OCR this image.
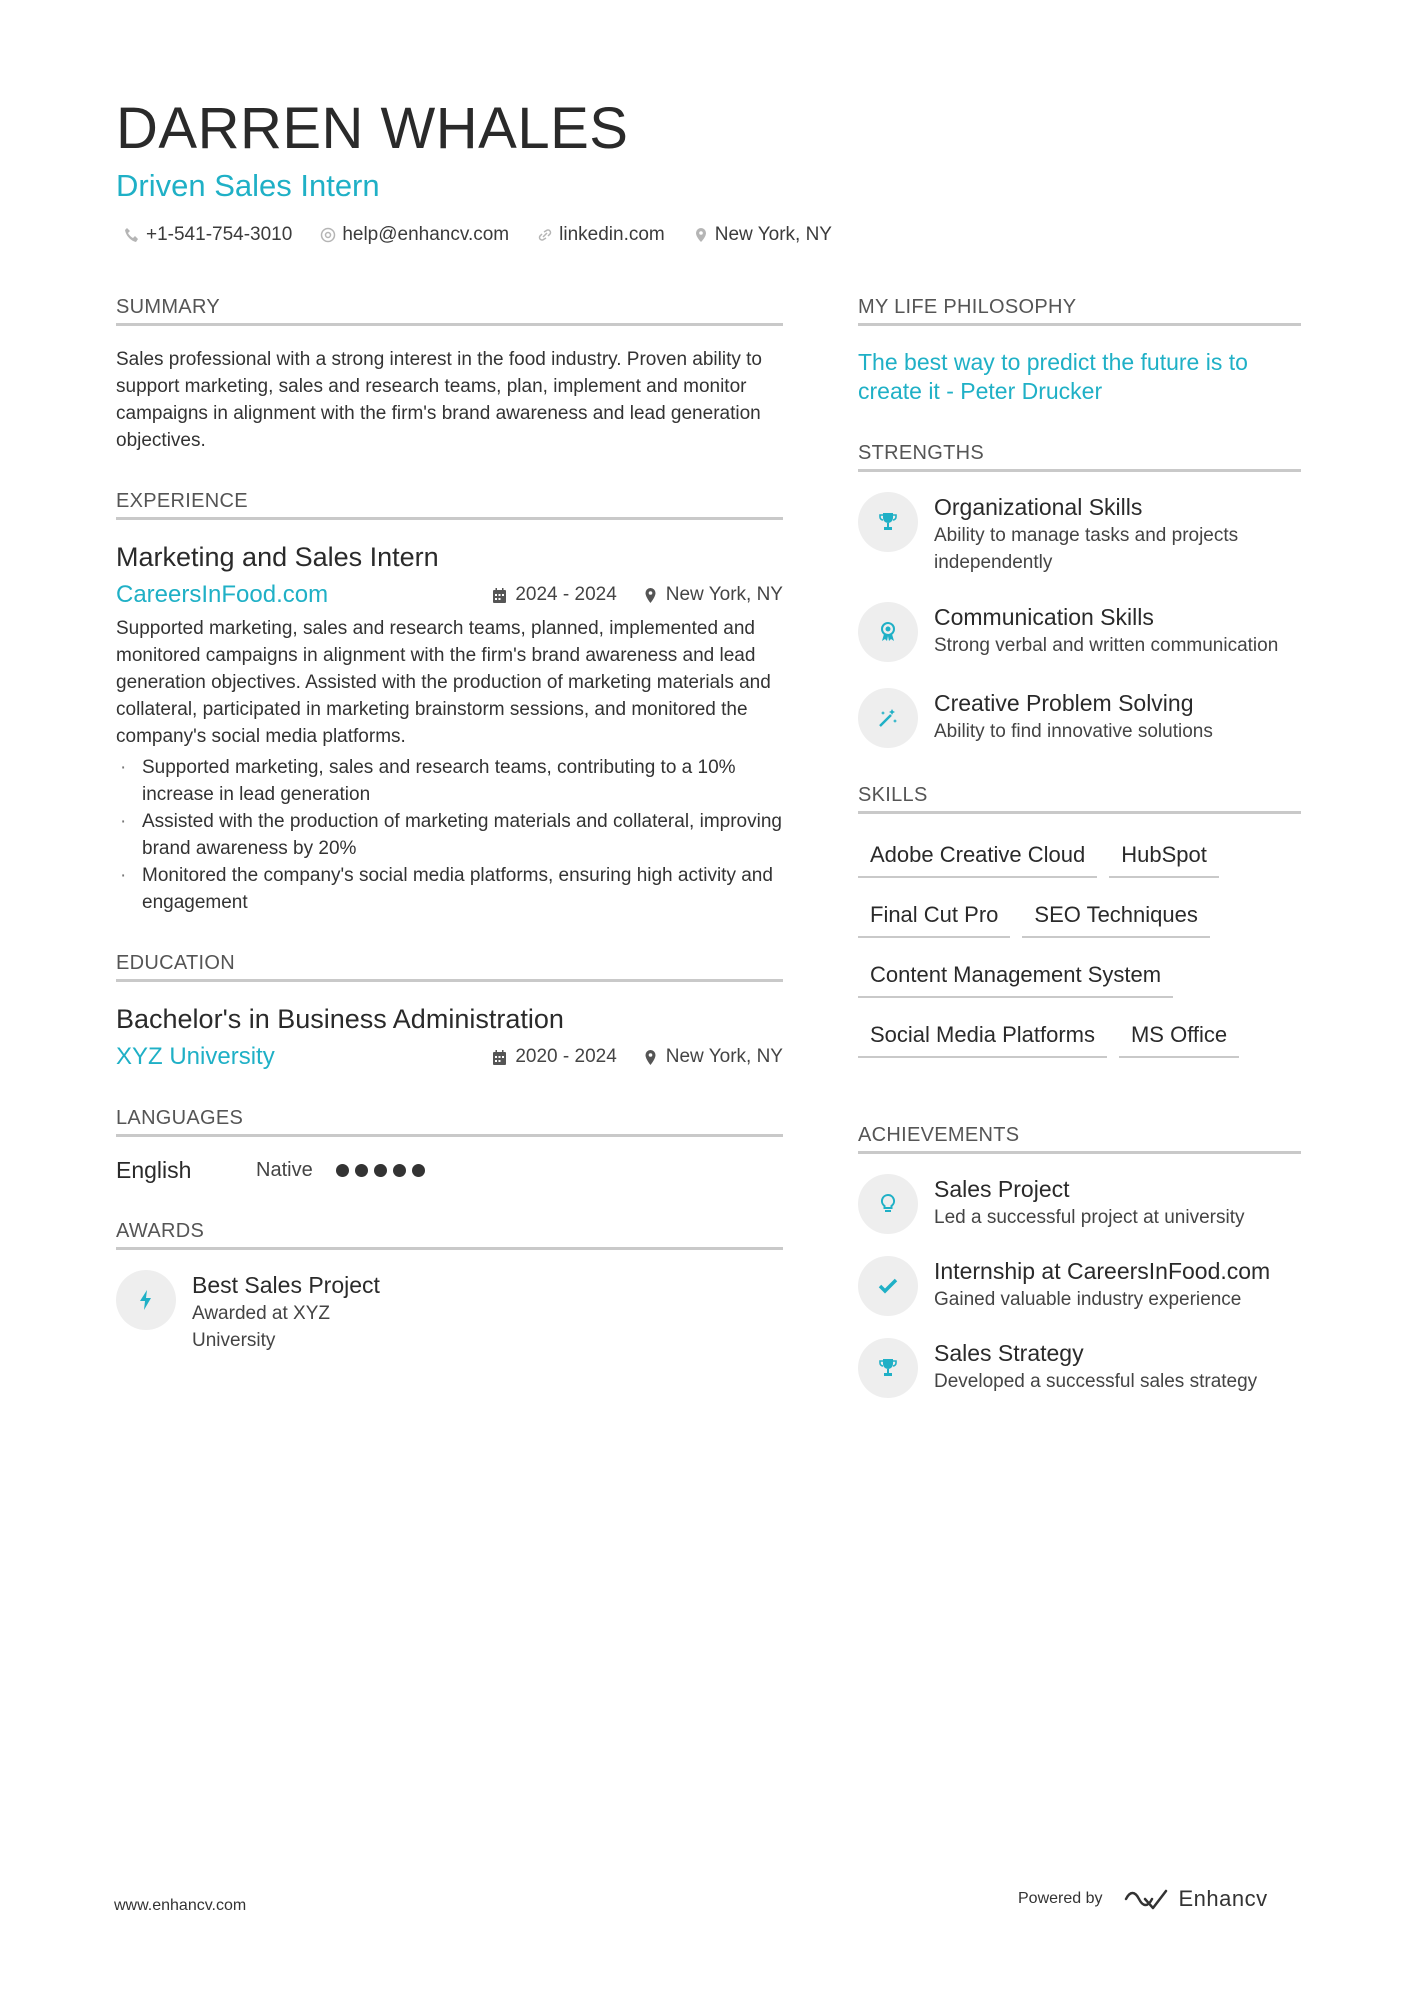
DARREN WHALES
Driven Sales Intern
+1-541-754-3010	help@enhancv.com	linkedin.com	New York, NY
SUMMARY
Sales professional with a strong interest in the food industry. Proven ability to support marketing, sales and research teams, plan, implement and monitor campaigns in alignment with the firm's brand awareness and lead generation objectives.
EXPERIENCE
Marketing and Sales Intern
CareersInFood.com	2024 - 2024	New York, NY
Supported marketing, sales and research teams, planned, implemented and monitored campaigns in alignment with the firm's brand awareness and lead generation objectives. Assisted with the production of marketing materials and collateral, participated in marketing brainstorm sessions, and monitored the company's social media platforms.
· Supported marketing, sales and research teams, contributing to a 10% increase in lead generation
· Assisted with the production of marketing materials and collateral, improving brand awareness by 20%
· Monitored the company's social media platforms, ensuring high activity and engagement
EDUCATION
Bachelor's in Business Administration
XYZ University	2020 - 2024	New York, NY
LANGUAGES
English	Native
AWARDS
Best Sales Project
Awarded at XYZ University
MY LIFE PHILOSOPHY
The best way to predict the future is to create it - Peter Drucker
STRENGTHS
Organizational Skills
Ability to manage tasks and projects independently
Communication Skills
Strong verbal and written communication
Creative Problem Solving
Ability to find innovative solutions
SKILLS
Adobe Creative Cloud	HubSpot
Final Cut Pro	SEO Techniques
Content Management System
Social Media Platforms	MS Office
ACHIEVEMENTS
Sales Project
Led a successful project at university
Internship at CareersInFood.com
Gained valuable industry experience
Sales Strategy
Developed a successful sales strategy
www.enhancv.com	Powered by	Enhancv
